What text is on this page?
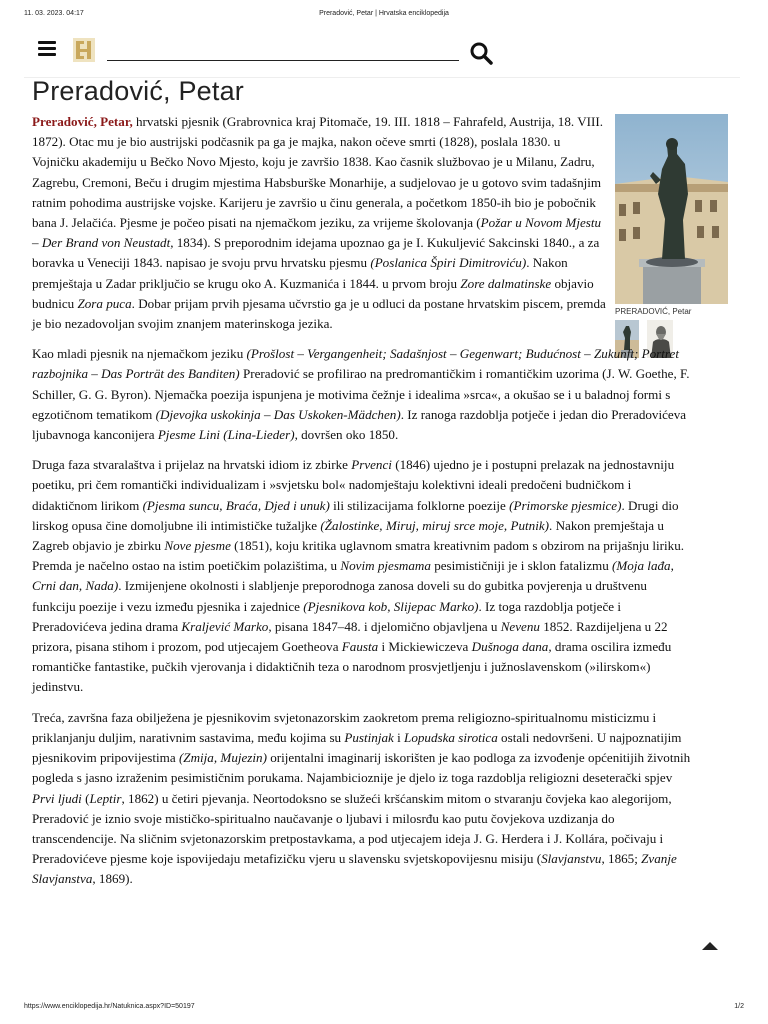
11. 03. 2023. 04:17	Preradović, Petar | Hrvatska enciklopedija
Preradović, Petar
PRERADOVIĆ, Petar

Preradović, Petar, hrvatski pjesnik (Grabrovnica kraj Pitomače, 19. III. 1818 – Fahrafeld, Austrija, 18. VIII. 1872). Otac mu je bio austrijski podčasnik pa ga je majka, nakon očeve smrti (1828), poslala 1830. u Vojničku akademiju u Bečko Novo Mjesto, koju je završio 1838. Kao časnik službovao je u Milanu, Zadru, Zagrebu, Cremoni, Beču i drugim mjestima Habsburške Monarhije, a sudjelovao je u gotovo svim tadašnjim ratnim pohodima austrijske vojske. Karijeru je završio u činu generala, a početkom 1850-ih bio je pobočnik bana J. Jelačića. Pjesme je počeo pisati na njemačkom jeziku, za vrijeme školovanja (Požar u Novom Mjestu – Der Brand von Neustadt, 1834). S preporodnim idejama upoznao ga je I. Kukuljević Sakcinski 1840., a za boravka u Veneciji 1843. napisao je svoju prvu hrvatsku pjesmu (Poslanica Špiri Dimitroviću). Nakon premještaja u Zadar priključio se krugu oko A. Kuzmanića i 1844. u prvom broju Zore dalmatinske objavio budnicu Zora puca. Dobar prijam prvih pjesama učvrstio ga je u odluci da postane hrvatskim piscem, premda je bio nezadovoljan svojim znanjem materinskoga jezika.

Kao mladi pjesnik na njemačkom jeziku (Prošlost – Vergangenheit; Sadašnjost – Gegenwart; Budućnost – Zukunft; Portret razbojnika – Das Porträt des Banditen) Preradović se profilirao na predromantičkim i romantičkim uzorima (J. W. Goethe, F. Schiller, G. G. Byron). Njemačka poezija ispunjena je motivima čežnje i idealima »srca«, a okušao se i u baladnoj formi s egzotičnom tematikom (Djevojka uskokinja – Das Uskoken-Mädchen). Iz ranoga razdoblja potječe i jedan dio Preradovićeva ljubavnoga kanconijera Pjesme Lini (Lina-Lieder), dovršen oko 1850.

Druga faza stvaralaštva i prijelaz na hrvatski idiom iz zbirke Prvenci (1846) ujedno je i postupni prelazak na jednostavniju poetiku, pri čem romantički individualizam i »svjetsku bol« nadomještaju kolektivni ideali predočeni budničkom i didaktičnom lirikom (Pjesma suncu, Braća, Djed i unuk) ili stilizacijama folklorne poezije (Primorske pjesmice). Drugi dio lirskog opusa čine domoljubne ili intimističke tužaljke (Žalostinke, Miruj, miruj srce moje, Putnik). Nakon premještaja u Zagreb objavio je zbirku Nove pjesme (1851), koju kritika uglavnom smatra kreativnim padom s obzirom na prijašnju liriku. Premda je načelno ostao na istim poetičkim polazištima, u Novim pjesmama pesimističniji je i sklon fatalizmu (Moja lađa, Crni dan, Nada). Izmijenjene okolnosti i slabljenje preporodnoga zanosa doveli su do gubitka povjerenja u društvenu funkciju poezije i vezu između pjesnika i zajednice (Pjesnikova kob, Slijepac Marko). Iz toga razdoblja potječe i Preradovićeva jedina drama Kraljević Marko, pisana 1847–48. i djelomično objavljena u Nevenu 1852. Razdijeljena u 22 prizora, pisana stihom i prozom, pod utjecajem Goetheova Fausta i Mickiewiczeva Dušnoga dana, drama oscilira između romantičke fantastike, pučkih vjerovanja i didaktičnih teza o narodnom prosvjetljenju i južnoslavenskom (»ilirskom«) jedinstvu.

Treća, završna faza obilježena je pjesnikovim svjetonazorskim zaokretom prema religiozno-spiritualnomu misticizmu i priklanjanju duljim, narativnim sastavima, među kojima su Pustinjak i Lopudska sirotica ostali nedovršeni. U najpoznatijim pjesnikovim pripovijestima (Zmija, Mujezin) orijentalni imaginarij iskorišten je kao podloga za izvođenje općenitijih životnih pogleda s jasno izraženim pesimističnim porukama. Najambicioznije je djelo iz toga razdoblja religiozni deseterački spjev Prvi ljudi (Leptir, 1862) u četiri pjevanja. Neortodoksno se služeći kršćanskim mitom o stvaranju čovjeka kao alegorijom, Preradović je iznio svoje mističko-spiritualno naučavanje o ljubavi i milosrđu kao putu čovjekova uzdizanja do transcendencije. Na sličnim svjetonazorskim pretpostavkama, a pod utjecajem ideja J. G. Herdera i J. Kollára, počivaju i Preradovićeve pjesme koje ispovijedaju metafizičku vjeru u slavensku svjetskopovijesnu misiju (Slavjanstvu, 1865; Zvanje Slavjanstva, 1869).

https://www.enciklopedija.hr/Natuknica.aspx?ID=50197	1/2
